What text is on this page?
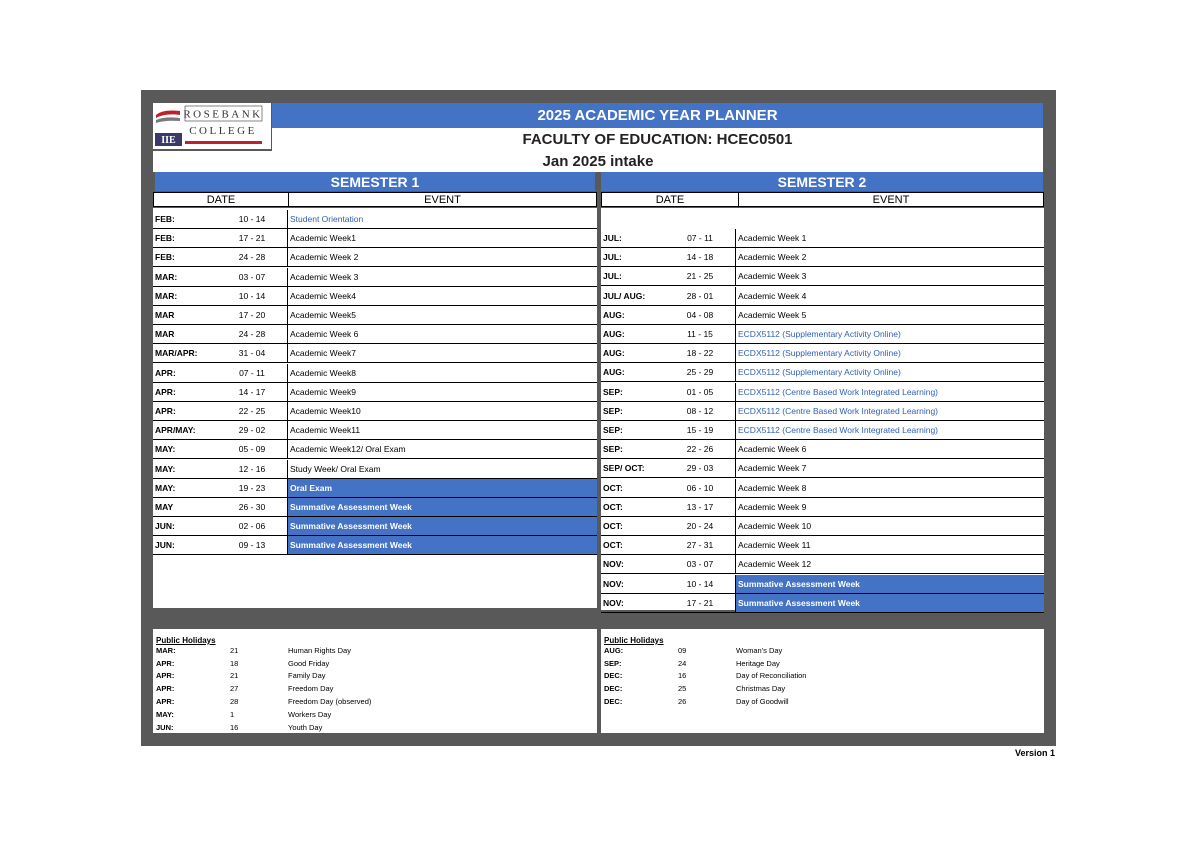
IIE
ROSEBANK
COLLEGE
2025 ACADEMIC YEAR PLANNER
FACULTY OF EDUCATION: HCEC0501
Jan 2025 intake
SEMESTER 1
DATE	EVENT
FEB:	10 - 14	Student Orientation
FEB:	17 - 21	Academic Week1
FEB:	24 - 28	Academic Week 2
MAR:	03 - 07	Academic Week 3
MAR:	10 - 14	Academic Week4
MAR	17 - 20	Academic Week5
MAR	24 - 28	Academic Week 6
MAR/APR:	31 - 04	Academic Week7
APR:	07 - 11	Academic Week8
APR:	14 - 17	Academic Week9
APR:	22 - 25	Academic Week10
APR/MAY:	29 - 02	Academic Week11
MAY:	05 - 09	Academic Week12/ Oral Exam
MAY:	12 - 16	Study Week/ Oral Exam
MAY:	19 - 23	Oral Exam
MAY	26 - 30	Summative Assessment Week
JUN:	02 - 06	Summative Assessment Week
JUN:	09 - 13	Summative Assessment Week
SEMESTER 2
DATE	EVENT
JUL:	07 - 11	Academic Week 1
JUL:	14 - 18	Academic Week 2
JUL:	21 - 25	Academic Week 3
JUL/ AUG:	28 - 01	Academic Week 4
AUG:	04 - 08	Academic Week 5
AUG:	11 - 15	ECDX5112 (Supplementary Activity Online)
AUG:	18 - 22	ECDX5112 (Supplementary Activity Online)
AUG:	25 - 29	ECDX5112 (Supplementary Activity Online)
SEP:	01 - 05	ECDX5112 (Centre Based Work Integrated Learning)
SEP:	08 - 12	ECDX5112 (Centre Based Work Integrated Learning)
SEP:	15 - 19	ECDX5112 (Centre Based Work Integrated Learning)
SEP:	22 - 26	Academic Week 6
SEP/ OCT:	29 - 03	Academic Week 7
OCT:	06 - 10	Academic Week 8
OCT:	13 - 17	Academic Week 9
OCT:	20 - 24	Academic Week 10
OCT:	27 - 31	Academic Week 11
NOV:	03 - 07	Academic Week 12
NOV:	10 - 14	Summative Assessment Week
NOV:	17 - 21	Summative Assessment Week
Public Holidays
MAR:	21	Human Rights Day
APR:	18	Good Friday
APR:	21	Family Day
APR:	27	Freedom Day
APR:	28	Freedom Day (observed)
MAY:	1	Workers Day
JUN:	16	Youth Day
Public Holidays
AUG:	09	Woman's Day
SEP:	24	Heritage Day
DEC:	16	Day of Reconciliation
DEC:	25	Christmas Day
DEC:	26	Day of Goodwill
Version 1
